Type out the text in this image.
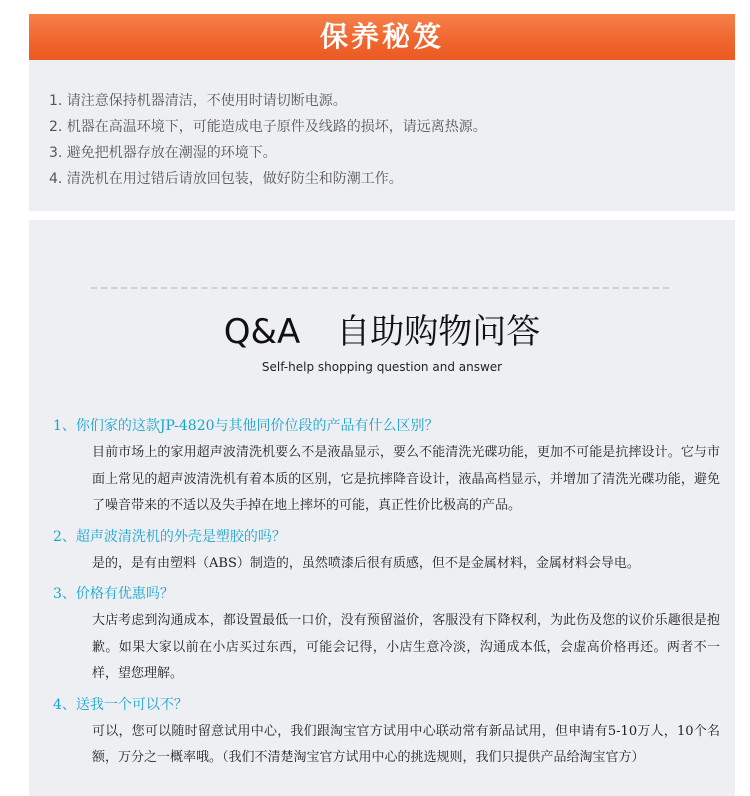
保养秘笈
1. 请注意保持机器清洁，不使用时请切断电源。
2. 机器在高温环境下，可能造成电子原件及线路的损坏，请远离热源。
3. 避免把机器存放在潮湿的环境下。
4. 清洗机在用过错后请放回包装，做好防尘和防潮工作。
Q&A 自助购物问答
Self-help shopping question and answer
1、你们家的这款JP-4820与其他同价位段的产品有什么区别？
目前市场上的家用超声波清洗机要么不是液晶显示，要么不能清洗光碟功能，更加不可能是抗摔设计。它与市面上常见的超声波清洗机有着本质的区别，它是抗摔降音设计，液晶高档显示，并增加了清洗光碟功能，避免了噪音带来的不适以及失手掉在地上摔坏的可能，真正性价比极高的产品。
2、超声波清洗机的外壳是塑胶的吗？
是的，是有由塑料（ABS）制造的，虽然喷漆后很有质感，但不是金属材料，金属材料会导电。
3、价格有优惠吗？
大店考虑到沟通成本，都设置最低一口价，没有预留溢价，客服没有下降权利，为此伤及您的议价乐趣很是抱歉。如果大家以前在小店买过东西，可能会记得，小店生意冷淡，沟通成本低，会虚高价格再还。两者不一样，望您理解。
4、送我一个可以不？
可以，您可以随时留意试用中心，我们跟淘宝官方试用中心联动常有新品试用，但申请有5-10万人，10个名额，万分之一概率哦。（我们不清楚淘宝官方试用中心的挑选规则，我们只提供产品给淘宝官方）
